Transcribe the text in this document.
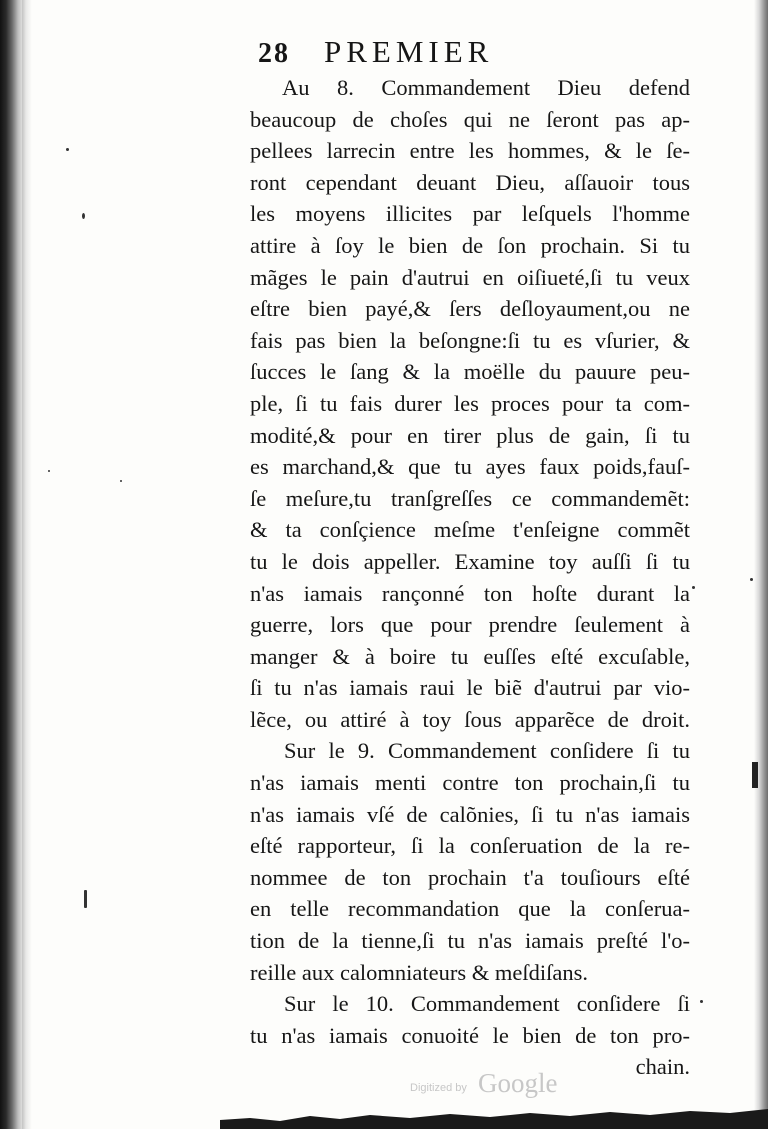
28 PREMIER
Au 8. Commandement Dieu defend
beaucoup de choſes qui ne ſeront pas ap-
pellees larrecin entre les hommes, & le ſe-
ront cependant deuant Dieu, aſſauoir tous
les moyens illicites par leſquels l'homme
attire à ſoy le bien de ſon prochain. Si tu
mãges le pain d'autrui en oiſiueté,ſi tu veux
eſtre bien payé,& ſers deſloyaument,ou ne
fais pas bien la beſongne:ſi tu es vſurier, &
ſucces le ſang & la moëlle du pauure peu-
ple, ſi tu fais durer les proces pour ta com-
modité,& pour en tirer plus de gain, ſi tu
es marchand,& que tu ayes faux poids,fauſ-
ſe meſure,tu tranſgreſſes ce commandemẽt:
& ta conſçience meſme t'enſeigne commẽt
tu le dois appeller. Examine toy auſſi ſi tu
n'as iamais rançonné ton hoſte durant la
guerre, lors que pour prendre ſeulement à
manger & à boire tu euſſes eſté excuſable,
ſi tu n'as iamais raui le biẽ d'autrui par vio-
lẽce, ou attiré à toy ſous apparẽce de droit.
Sur le 9. Commandement conſidere ſi tu
n'as iamais menti contre ton prochain,ſi tu
n'as iamais vſé de calõnies, ſi tu n'as iamais
eſté rapporteur, ſi la conſeruation de la re-
nommee de ton prochain t'a touſiours eſté
en telle recommandation que la conſerua-
tion de la tienne,ſi tu n'as iamais preſté l'o-
reille aux calomniateurs & meſdiſans.
Sur le 10. Commandement conſidere ſi
tu n'as iamais conuoité le bien de ton pro-
chain.
Digitized by Google
